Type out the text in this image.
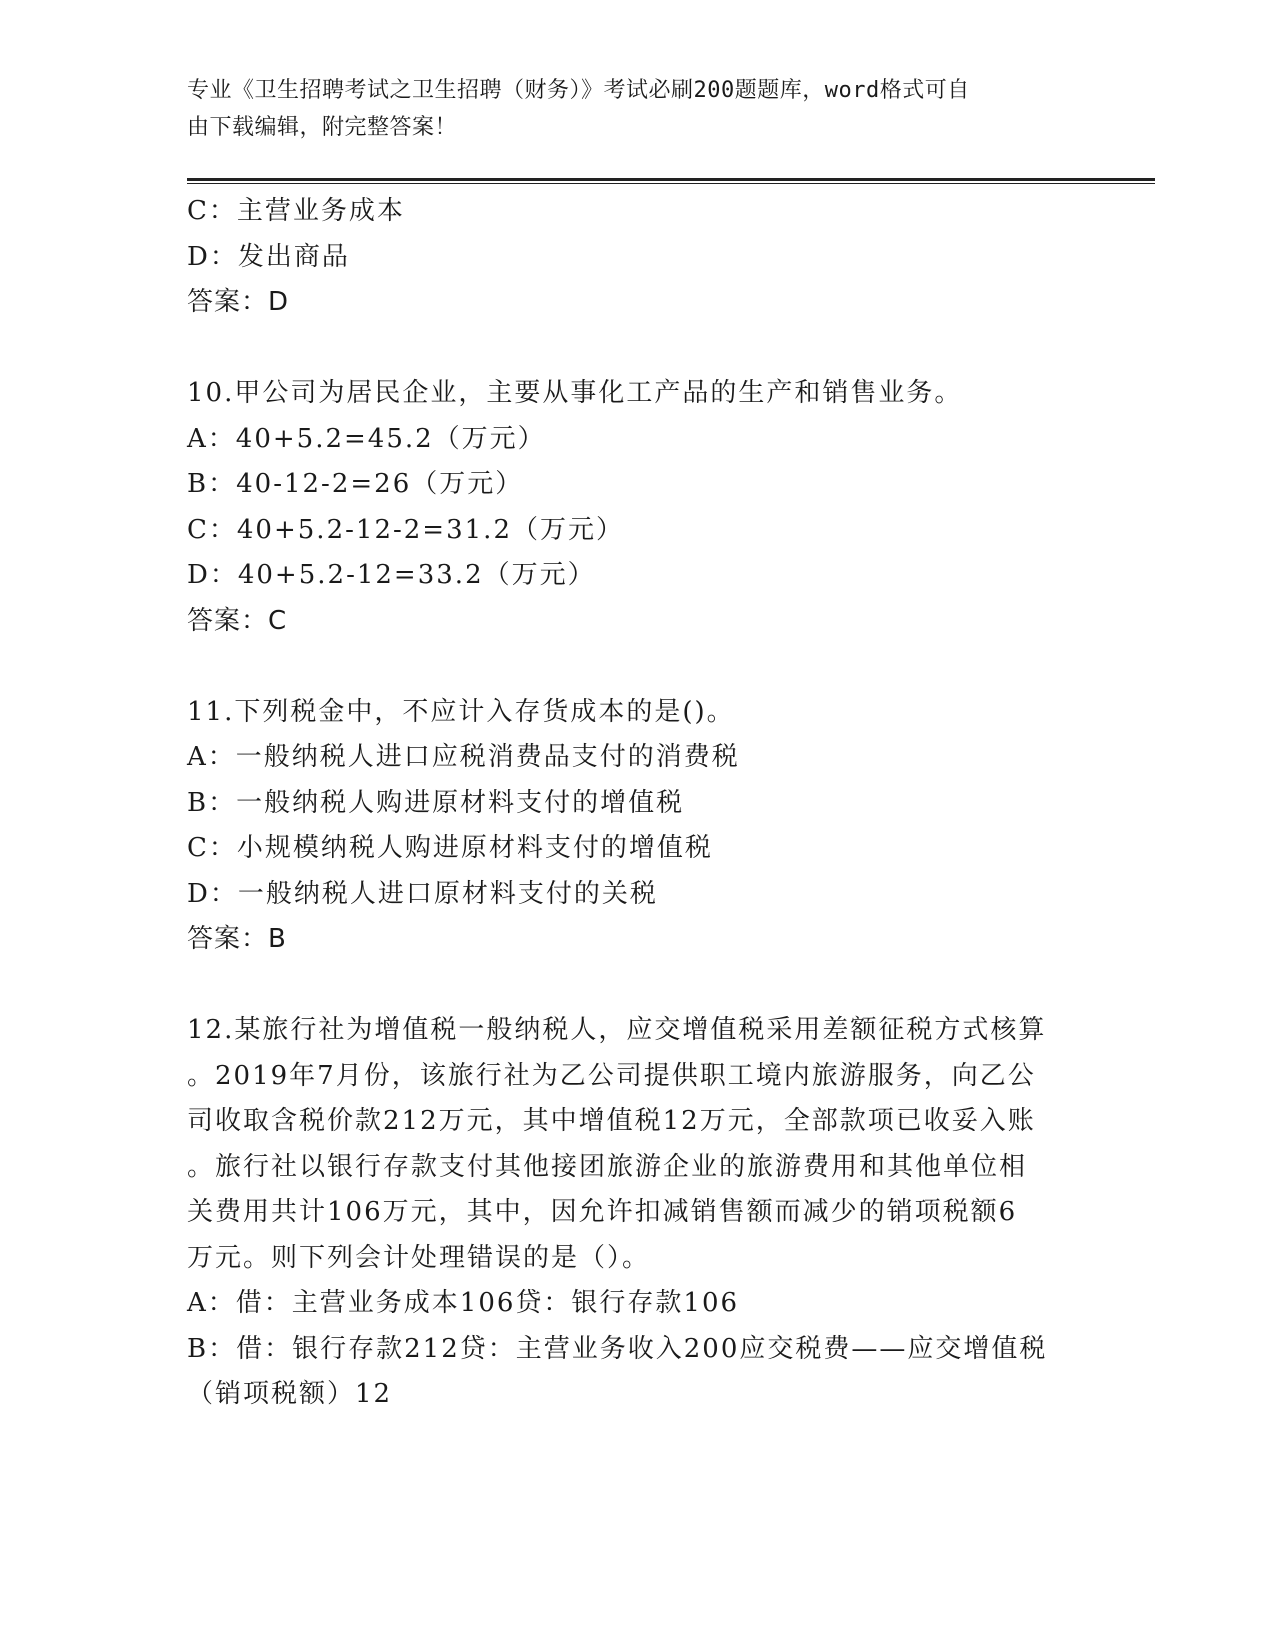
专业《卫生招聘考试之卫生招聘（财务）》考试必刷200题题库，word格式可自
由下载编辑，附完整答案！
C：主营业务成本
D：发出商品
答案：D
10.甲公司为居民企业，主要从事化工产品的生产和销售业务。
A：40+5.2=45.2（万元）
B：40-12-2=26（万元）
C：40+5.2-12-2=31.2（万元）
D：40+5.2-12=33.2（万元）
答案：C
11.下列税金中，不应计入存货成本的是()。
A：一般纳税人进口应税消费品支付的消费税
B：一般纳税人购进原材料支付的增值税
C：小规模纳税人购进原材料支付的增值税
D：一般纳税人进口原材料支付的关税
答案：B
12.某旅行社为增值税一般纳税人，应交增值税采用差额征税方式核算
。2019年7月份，该旅行社为乙公司提供职工境内旅游服务，向乙公
司收取含税价款212万元，其中增值税12万元，全部款项已收妥入账
。旅行社以银行存款支付其他接团旅游企业的旅游费用和其他单位相
关费用共计106万元，其中，因允许扣减销售额而减少的销项税额6
万元。则下列会计处理错误的是（）。
A：借：主营业务成本106贷：银行存款106
B：借：银行存款212贷：主营业务收入200应交税费——应交增值税
（销项税额）12
